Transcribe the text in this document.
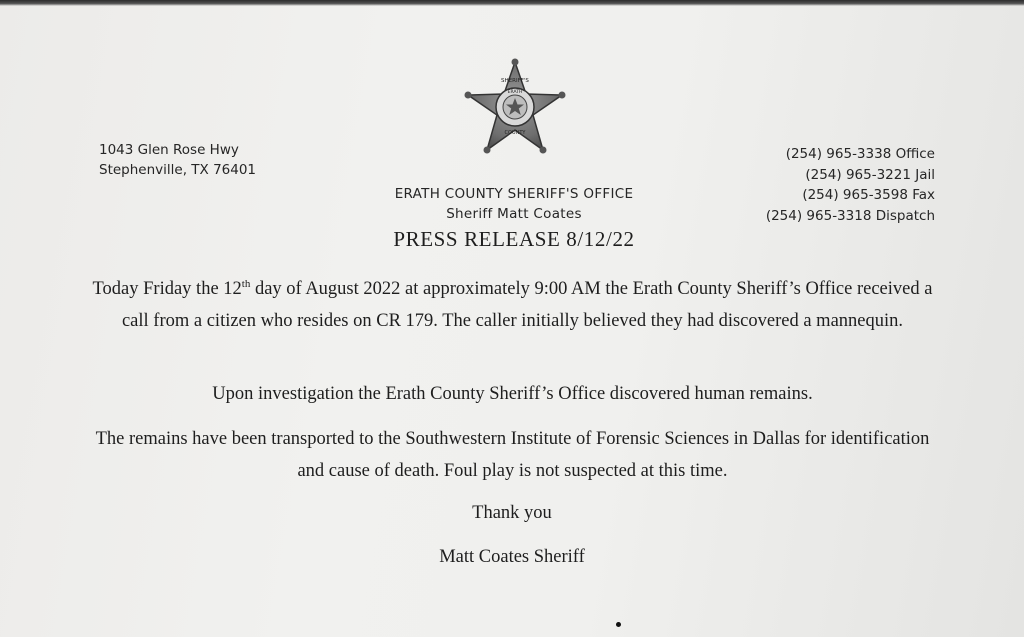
SHERIFF'S
ERATH
COUNTY
1043 Glen Rose Hwy
Stephenville, TX 76401
(254) 965-3338 Office
(254) 965-3221 Jail
(254) 965-3598 Fax
(254) 965-3318 Dispatch
ERATH COUNTY SHERIFF'S OFFICE
Sheriff Matt Coates
PRESS RELEASE 8/12/22
Today Friday the 12th day of August 2022 at approximately 9:00 AM the Erath County Sheriff’s Office received a call from a citizen who resides on CR 179. The caller initially believed they had discovered a mannequin.
Upon investigation the Erath County Sheriff’s Office discovered human remains.
The remains have been transported to the Southwestern Institute of Forensic Sciences in Dallas for identification and cause of death. Foul play is not suspected at this time.
Thank you
Matt Coates Sheriff
